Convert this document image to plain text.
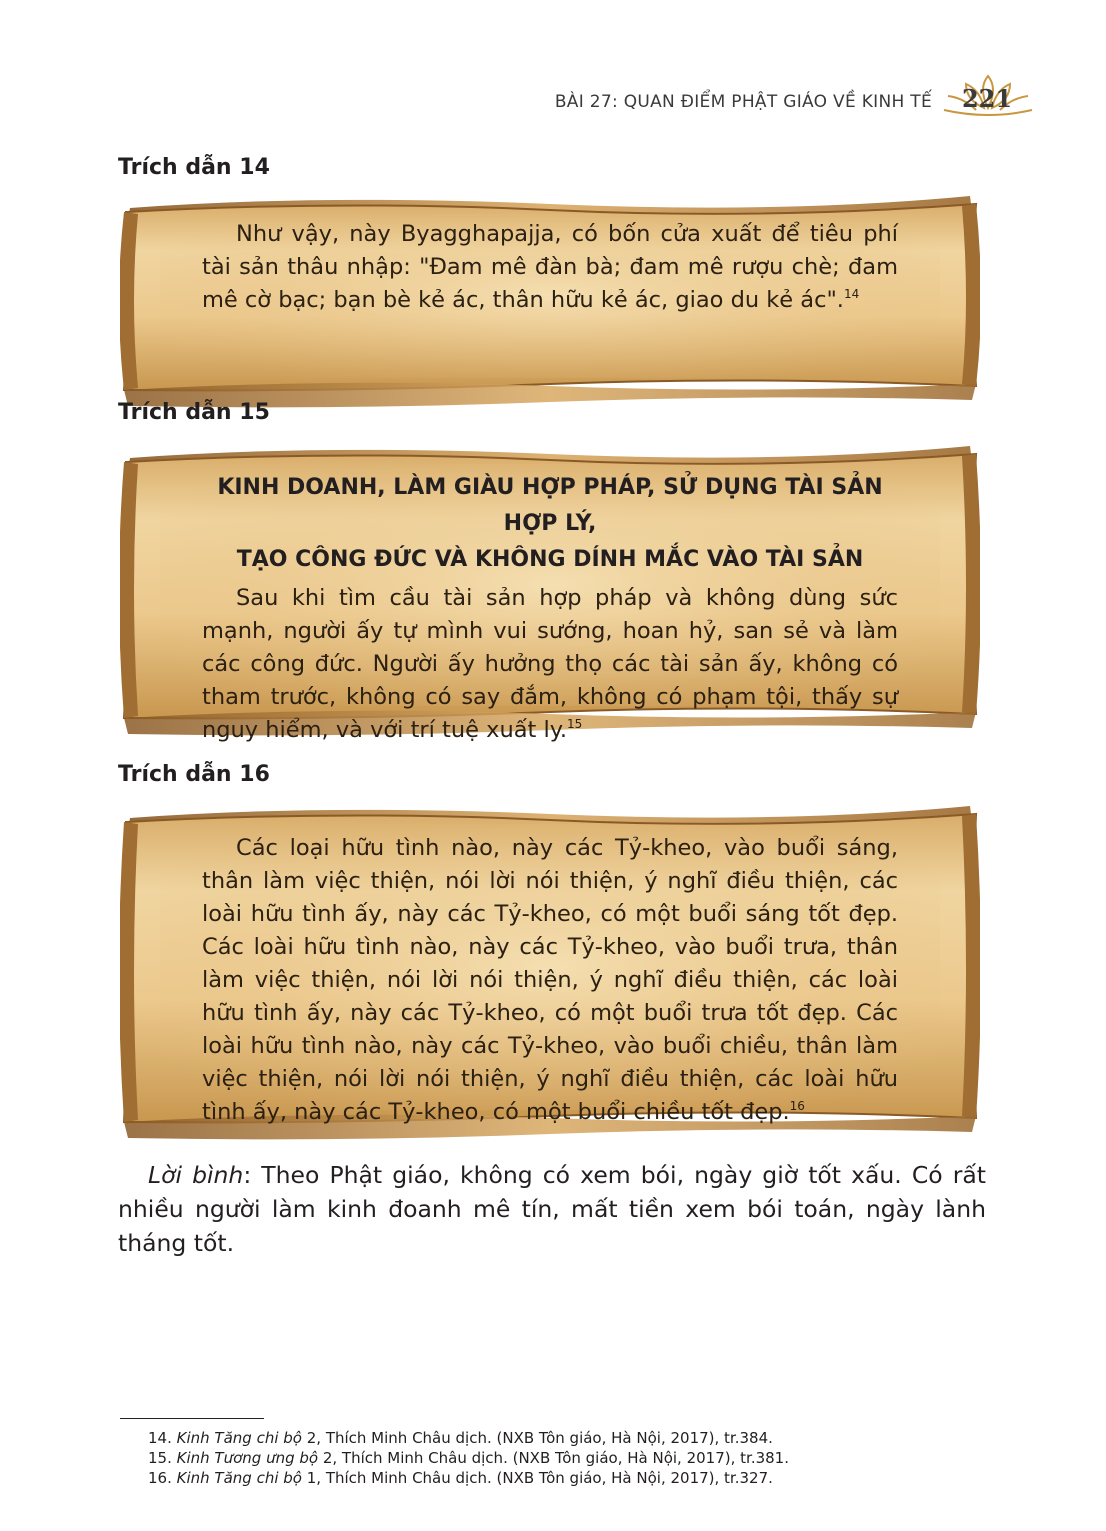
BÀI 27: QUAN ĐIỂM PHẬT GIÁO VỀ KINH TẾ 221
Trích dẫn 14
Như vậy, này Byagghapajja, có bốn cửa xuất để tiêu phí tài sản thâu nhập: "Đam mê đàn bà; đam mê rượu chè; đam mê cờ bạc; bạn bè kẻ ác, thân hữu kẻ ác, giao du kẻ ác".$^{14}$
Trích dẫn 15
KINH DOANH, LÀM GIÀU HỢP PHÁP, SỬ DỤNG TÀI SẢN HỢP LÝ,
TẠO CÔNG ĐỨC VÀ KHÔNG DÍNH MẮC VÀO TÀI SẢN
Sau khi tìm cầu tài sản hợp pháp và không dùng sức mạnh, người ấy tự mình vui sướng, hoan hỷ, san sẻ và làm các công đức. Người ấy hưởng thọ các tài sản ấy, không có tham trước, không có say đắm, không có phạm tội, thấy sự nguy hiểm, và với trí tuệ xuất ly.$^{15}$
Trích dẫn 16
Các loại hữu tình nào, này các Tỷ-kheo, vào buổi sáng, thân làm việc thiện, nói lời nói thiện, ý nghĩ điều thiện, các loài hữu tình ấy, này các Tỷ-kheo, có một buổi sáng tốt đẹp. Các loài hữu tình nào, này các Tỷ-kheo, vào buổi trưa, thân làm việc thiện, nói lời nói thiện, ý nghĩ điều thiện, các loài hữu tình ấy, này các Tỷ-kheo, có một buổi trưa tốt đẹp. Các loài hữu tình nào, này các Tỷ-kheo, vào buổi chiều, thân làm việc thiện, nói lời nói thiện, ý nghĩ điều thiện, các loài hữu tình ấy, này các Tỷ-kheo, có một buổi chiều tốt đẹp.$^{16}$
Lời bình: Theo Phật giáo, không có xem bói, ngày giờ tốt xấu. Có rất nhiều người làm kinh đoanh mê tín, mất tiền xem bói toán, ngày lành tháng tốt.
14. Kinh Tăng chi bộ 2, Thích Minh Châu dịch. (NXB Tôn giáo, Hà Nội, 2017), tr.384.
15. Kinh Tương ưng bộ 2, Thích Minh Châu dịch. (NXB Tôn giáo, Hà Nội, 2017), tr.381.
16. Kinh Tăng chi bộ 1, Thích Minh Châu dịch. (NXB Tôn giáo, Hà Nội, 2017), tr.327.
